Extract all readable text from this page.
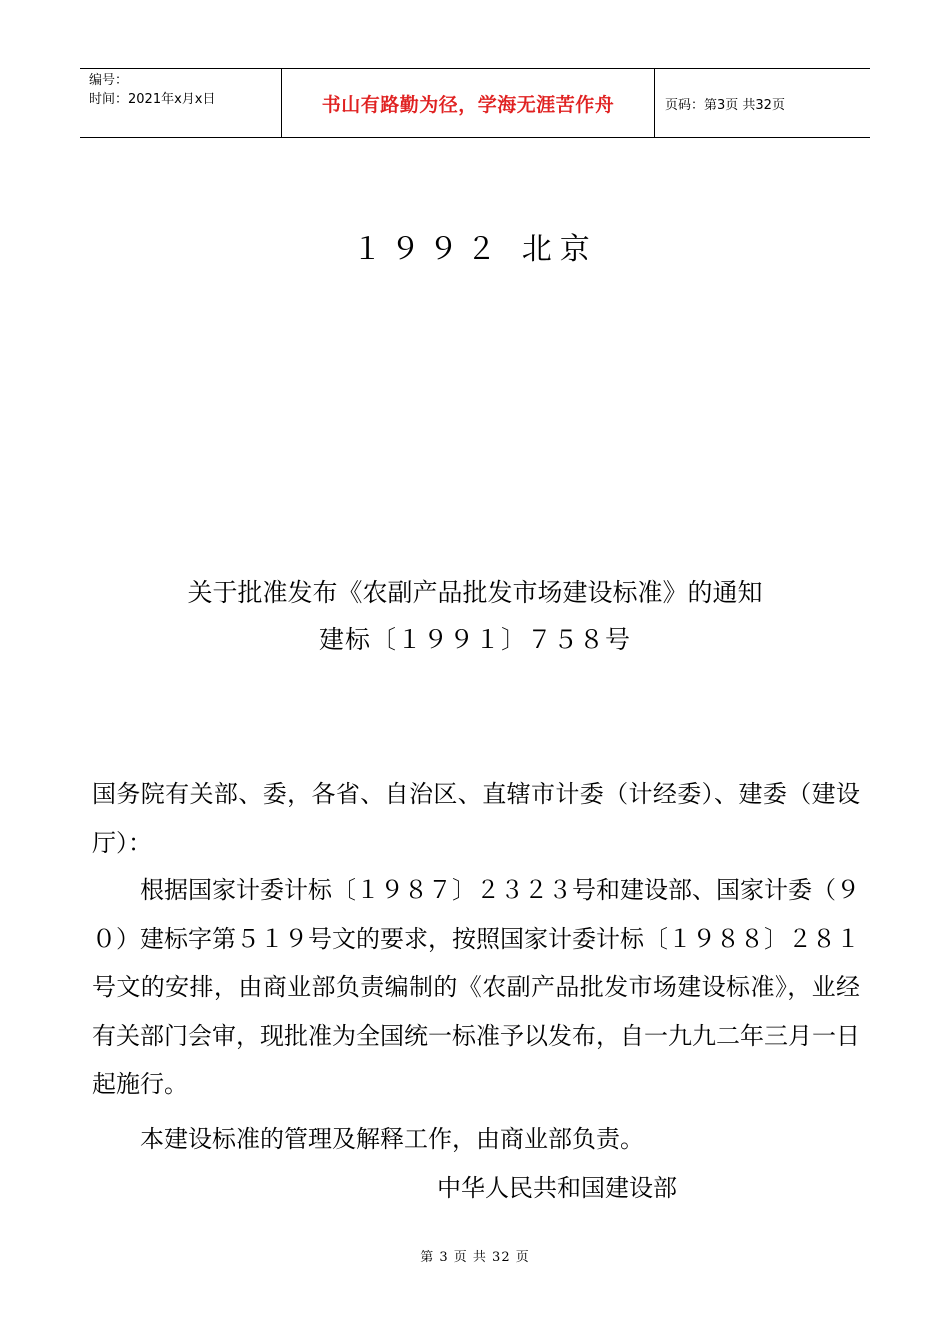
编号：
时间：2021年x月x日	书山有路勤为径，学海无涯苦作舟	页码：第3页 共32页
１９９２ 北京
关于批准发布《农副产品批发市场建设标准》的通知
建标〔１９９１〕７５８号
国务院有关部、委，各省、自治区、直辖市计委（计经委）、建委（建设厅）：
根据国家计委计标〔１９８７〕２３２３号和建设部、国家计委（９０）建标字第５１９号文的要求，按照国家计委计标〔１９８８〕２８１号文的安排，由商业部负责编制的《农副产品批发市场建设标准》，业经有关部门会审，现批准为全国统一标准予以发布，自一九九二年三月一日起施行。
本建设标准的管理及解释工作，由商业部负责。
中华人民共和国建设部
第 3 页 共 32 页
